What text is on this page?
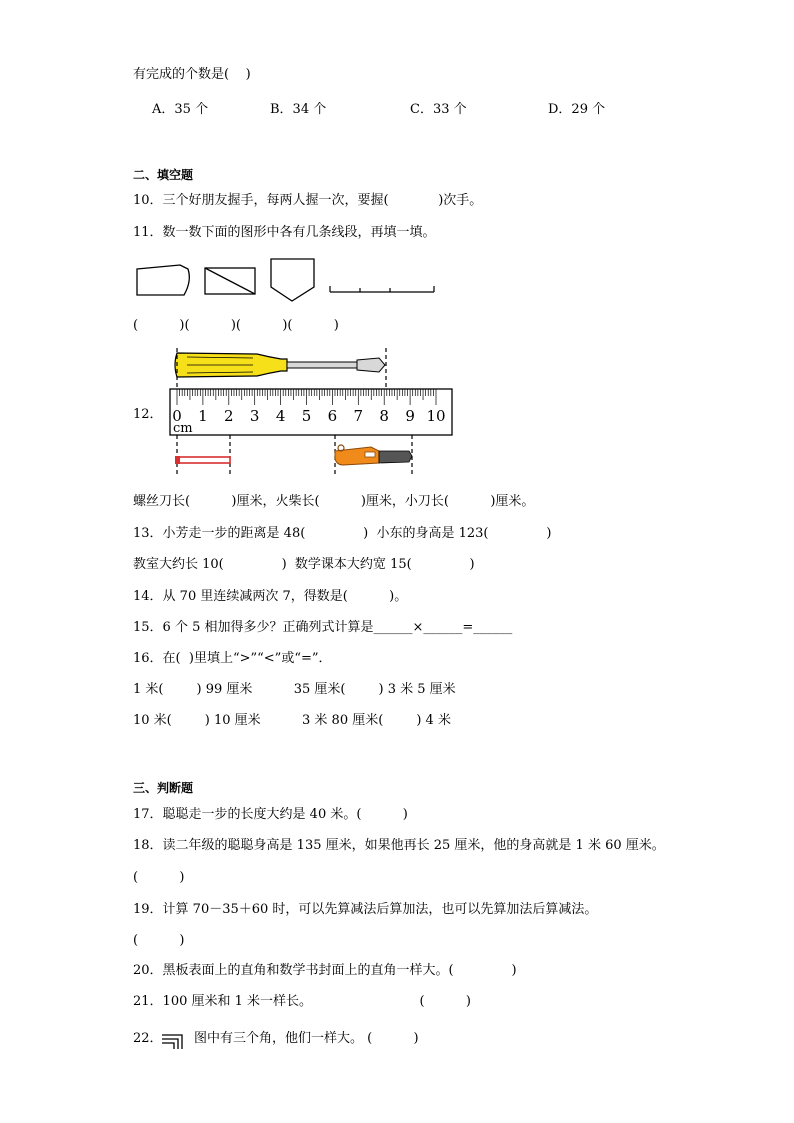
有完成的个数是(    )
A．35 个	B．34 个	C．33 个	D．29 个
二、填空题
10．三个好朋友握手，每两人握一次，要握(            )次手。
11．数一数下面的图形中各有几条线段，再填一填。
(          )(          )(          )(          )
12． 0 1 2 3 4 5 6 7 8 9 10
cm
螺丝刀长(          )厘米，火柴长(          )厘米，小刀长(          )厘米。
13．小芳走一步的距离是 48(              )  小东的身高是 123(              )
教室大约长 10(              )  数学课本大约宽 15(              )
14．从 70 里连续减两次 7，得数是(          )。
15．6 个 5 相加得多少？正确列式计算是______×______=______
16．在(  )里填上“>”“<”或“=”．
1 米(        ) 99 厘米          35 厘米(        ) 3 米 5 厘米
10 米(        ) 10 厘米          3 米 80 厘米(        ) 4 米
三、判断题
17．聪聪走一步的长度大约是 40 米。(          )
18．读二年级的聪聪身高是 135 厘米，如果他再长 25 厘米，他的身高就是 1 米 60 厘米。
(          )
19．计算 70－35＋60 时，可以先算减法后算加法，也可以先算加法后算减法。
(          )
20．黑板表面上的直角和数学书封面上的直角一样大。(              )
21．100 厘米和 1 米一样长。                          (          )
22． 图中有三个角，他们一样大。 (          )
